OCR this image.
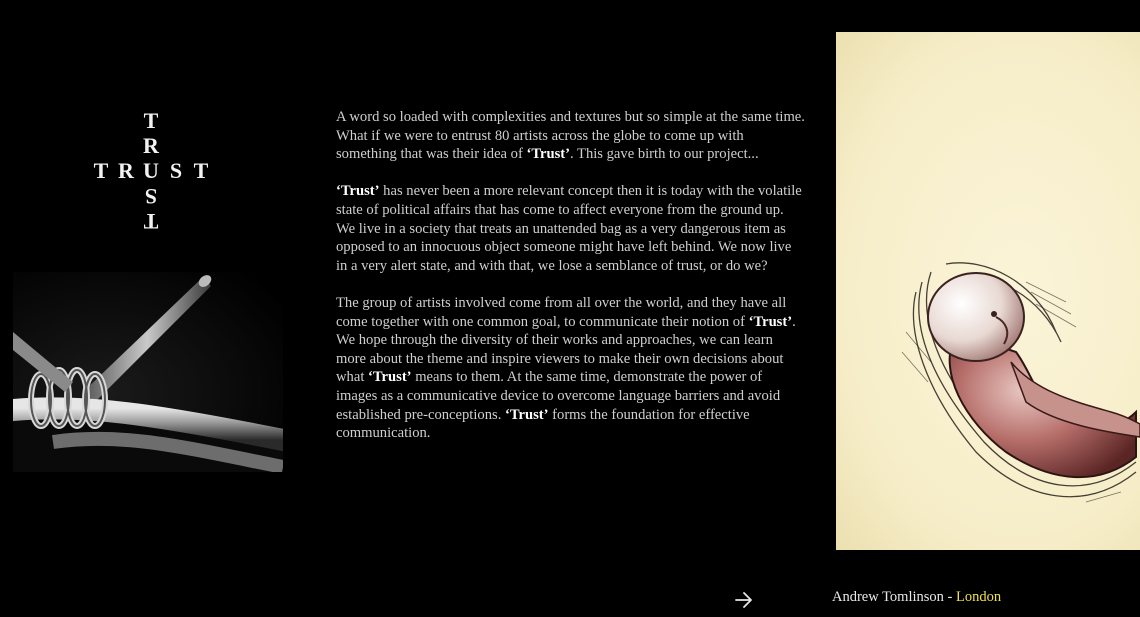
T
R
T R U S T
S
T

A word so loaded with complexities and textures but so simple at the same time. What if we were to entrust 80 artists across the globe to come up with something that was their idea of ‘Trust’. This gave birth to our project...

‘Trust’ has never been a more relevant concept then it is today with the volatile state of political affairs that has come to affect everyone from the ground up. We live in a society that treats an unattended bag as a very dangerous item as opposed to an innocuous object someone might have left behind. We now live in a very alert state, and with that, we lose a semblance of trust, or do we?

The group of artists involved come from all over the world, and they have all come together with one common goal, to communicate their notion of ‘Trust’. We hope through the diversity of their works and approaches, we can learn more about the theme and inspire viewers to make their own decisions about what ‘Trust’ means to them. At the same time, demonstrate the power of images as a communicative device to overcome language barriers and avoid established pre-conceptions. ‘Trust’ forms the foundation for effective communication.

Andrew Tomlinson - London
